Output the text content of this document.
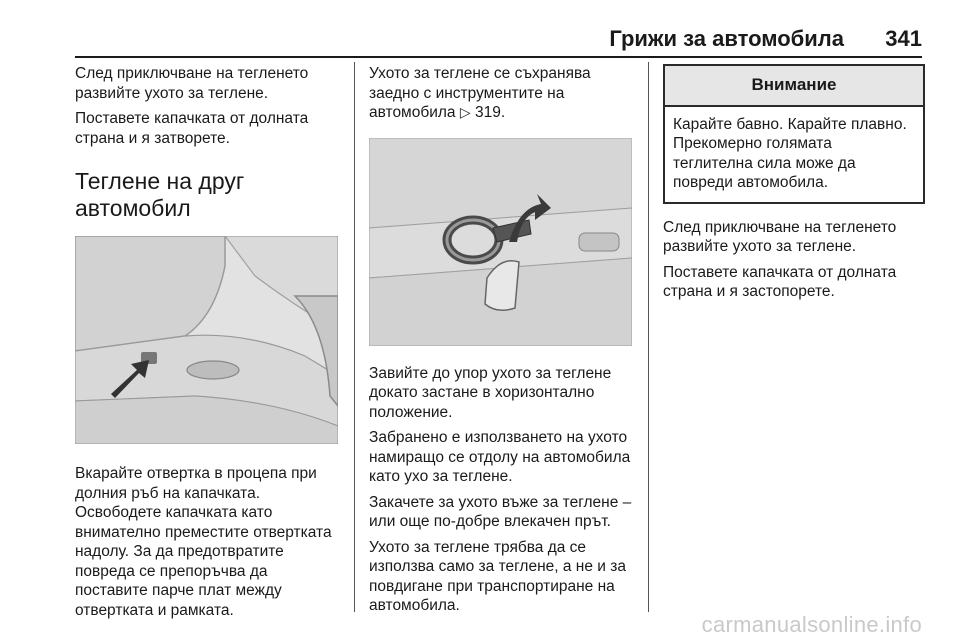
Грижи за автомобила 341

След приключване на тегленето развийте ухото за теглене.

Поставете капачката от долната страна и я затворете.

Теглене на друг автомобил

Вкарайте отвертка в процепа при долния ръб на капачката. Освободете капачката като внимателно преместите отвертката надолу. За да предотвратите повреда се препоръчва да поставите парче плат между отвертката и рамката.

Ухото за теглене се съхранява заедно с инструментите на автомобила ▷ 319.

Завийте до упор ухото за теглене докато застане в хоризонтално положение.

Забранено е използването на ухото намиращо се отдолу на автомобила като ухо за теглене.

Закачете за ухото въже за теглене – или още по-добре влекачен прът.

Ухото за теглене трябва да се използва само за теглене, а не и за повдигане при транспортиране на автомобила.

Внимание
Карайте бавно. Карайте плавно. Прекомерно голямата теглителна сила може да повреди автомобила.

След приключване на тегленето развийте ухото за теглене.

Поставете капачката от долната страна и я застопорете.

carmanualsonline.info
